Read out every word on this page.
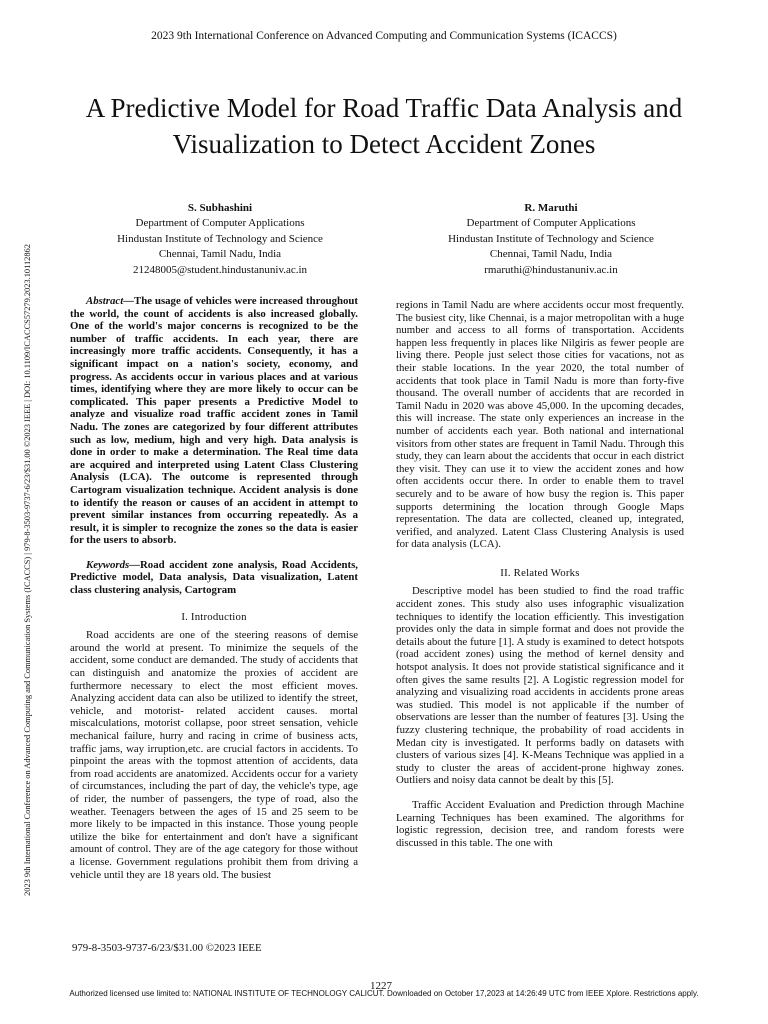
2023 9th International Conference on Advanced Computing and Communication Systems (ICACCS)
A Predictive Model for Road Traffic Data Analysis and Visualization to Detect Accident Zones
S. Subhashini
Department of Computer Applications
Hindustan Institute of Technology and Science
Chennai, Tamil Nadu, India
21248005@student.hindustanuniv.ac.in
R. Maruthi
Department of Computer Applications
Hindustan Institute of Technology and Science
Chennai, Tamil Nadu, India
rmaruthi@hindustanuniv.ac.in
2023 9th International Conference on Advanced Computing and Communication Systems (ICACCS) | 979-8-3503-9737-6/23/$31.00 ©2023 IEEE | DOI: 10.1109/ICACCS57279.2023.10112862	Abstract—The usage of vehicles were increased throughout the world, the count of accidents is also increased globally. One of the world's major concerns is recognized to be the number of traffic accidents. In each year, there are increasingly more traffic accidents. Consequently, it has a significant impact on a nation's society, economy, and progress. As accidents occur in various places and at various times, identifying where they are more likely to occur can be complicated. This paper presents a Predictive Model to analyze and visualize road traffic accident zones in Tamil Nadu. The zones are categorized by four different attributes such as low, medium, high and very high. Data analysis is done in order to make a determination. The Real time data are acquired and interpreted using Latent Class Clustering Analysis (LCA). The outcome is represented through Cartogram visualization technique. Accident analysis is done to identify the reason or causes of an accident in attempt to prevent similar instances from occurring repeatedly. As a result, it is simpler to recognize the zones so the data is easier for the users to absorb.

Keywords—Road accident zone analysis, Road Accidents, Predictive model, Data analysis, Data visualization, Latent class clustering analysis, Cartogram

I. Introduction

Road accidents are one of the steering reasons of demise around the world at present. To minimize the sequels of the accident, some conduct are demanded. The study of accidents that can distinguish and anatomize the proxies of accident are furthermore necessary to elect the most efficient moves. Analyzing accident data can also be utilized to identify the street, vehicle, and motorist- related accident causes. mortal miscalculations, motorist collapse, poor street sensation, vehicle mechanical failure, hurry and racing in crime of business acts, traffic jams, way irruption,etc. are crucial factors in accidents. To pinpoint the areas with the topmost attention of accidents, data from road accidents are anatomized. Accidents occur for a variety of circumstances, including the part of day, the vehicle's type, age of rider, the number of passengers, the type of road, also the weather. Teenagers between the ages of 15 and 25 seem to be more likely to be impacted in this instance. Those young people utilize the bike for entertainment and don't have a significant amount of control. They are of the age category for those without a license. Government regulations prohibit them from driving a vehicle until they are 18 years old. The busiest

regions in Tamil Nadu are where accidents occur most frequently. The busiest city, like Chennai, is a major metropolitan with a huge number and access to all forms of transportation. Accidents happen less frequently in places like Nilgiris as fewer people are living there. People just select those cities for vacations, not as their stable locations. In the year 2020, the total number of accidents that took place in Tamil Nadu is more than forty-five thousand. The overall number of accidents that are recorded in Tamil Nadu in 2020 was above 45,000. In the upcoming decades, this will increase. The state only experiences an increase in the number of accidents each year. Both national and international visitors from other states are frequent in Tamil Nadu. Through this study, they can learn about the accidents that occur in each district they visit. They can use it to view the accident zones and how often accidents occur there. In order to enable them to travel securely and to be aware of how busy the region is. This paper supports determining the location through Google Maps representation. The data are collected, cleaned up, integrated, verified, and analyzed. Latent Class Clustering Analysis is used for data analysis (LCA).

II. Related Works

Descriptive model has been studied to find the road traffic accident zones. This study also uses infographic visualization techniques to identify the location efficiently. This investigation provides only the data in simple format and does not provide the details about the future [1]. A study is examined to detect hotspots (road accident zones) using the method of kernel density and hotspot analysis. It does not provide statistical significance and it often gives the same results [2]. A Logistic regression model for analyzing and visualizing road accidents in accidents prone areas was studied. This model is not applicable if the number of observations are lesser than the number of features [3]. Using the fuzzy clustering technique, the probability of road accidents in Medan city is investigated. It performs badly on datasets with clusters of various sizes [4]. K-Means Technique was applied in a study to cluster the areas of accident-prone highway zones. Outliers and noisy data cannot be dealt by this [5].

Traffic Accident Evaluation and Prediction through Machine Learning Techniques has been examined. The algorithms for logistic regression, decision tree, and random forests were discussed in this table. The one with

979-8-3503-9737-6/23/$31.00 ©2023 IEEE
1227
Authorized licensed use limited to: NATIONAL INSTITUTE OF TECHNOLOGY CALICUT. Downloaded on October 17,2023 at 14:26:49 UTC from IEEE Xplore. Restrictions apply.
